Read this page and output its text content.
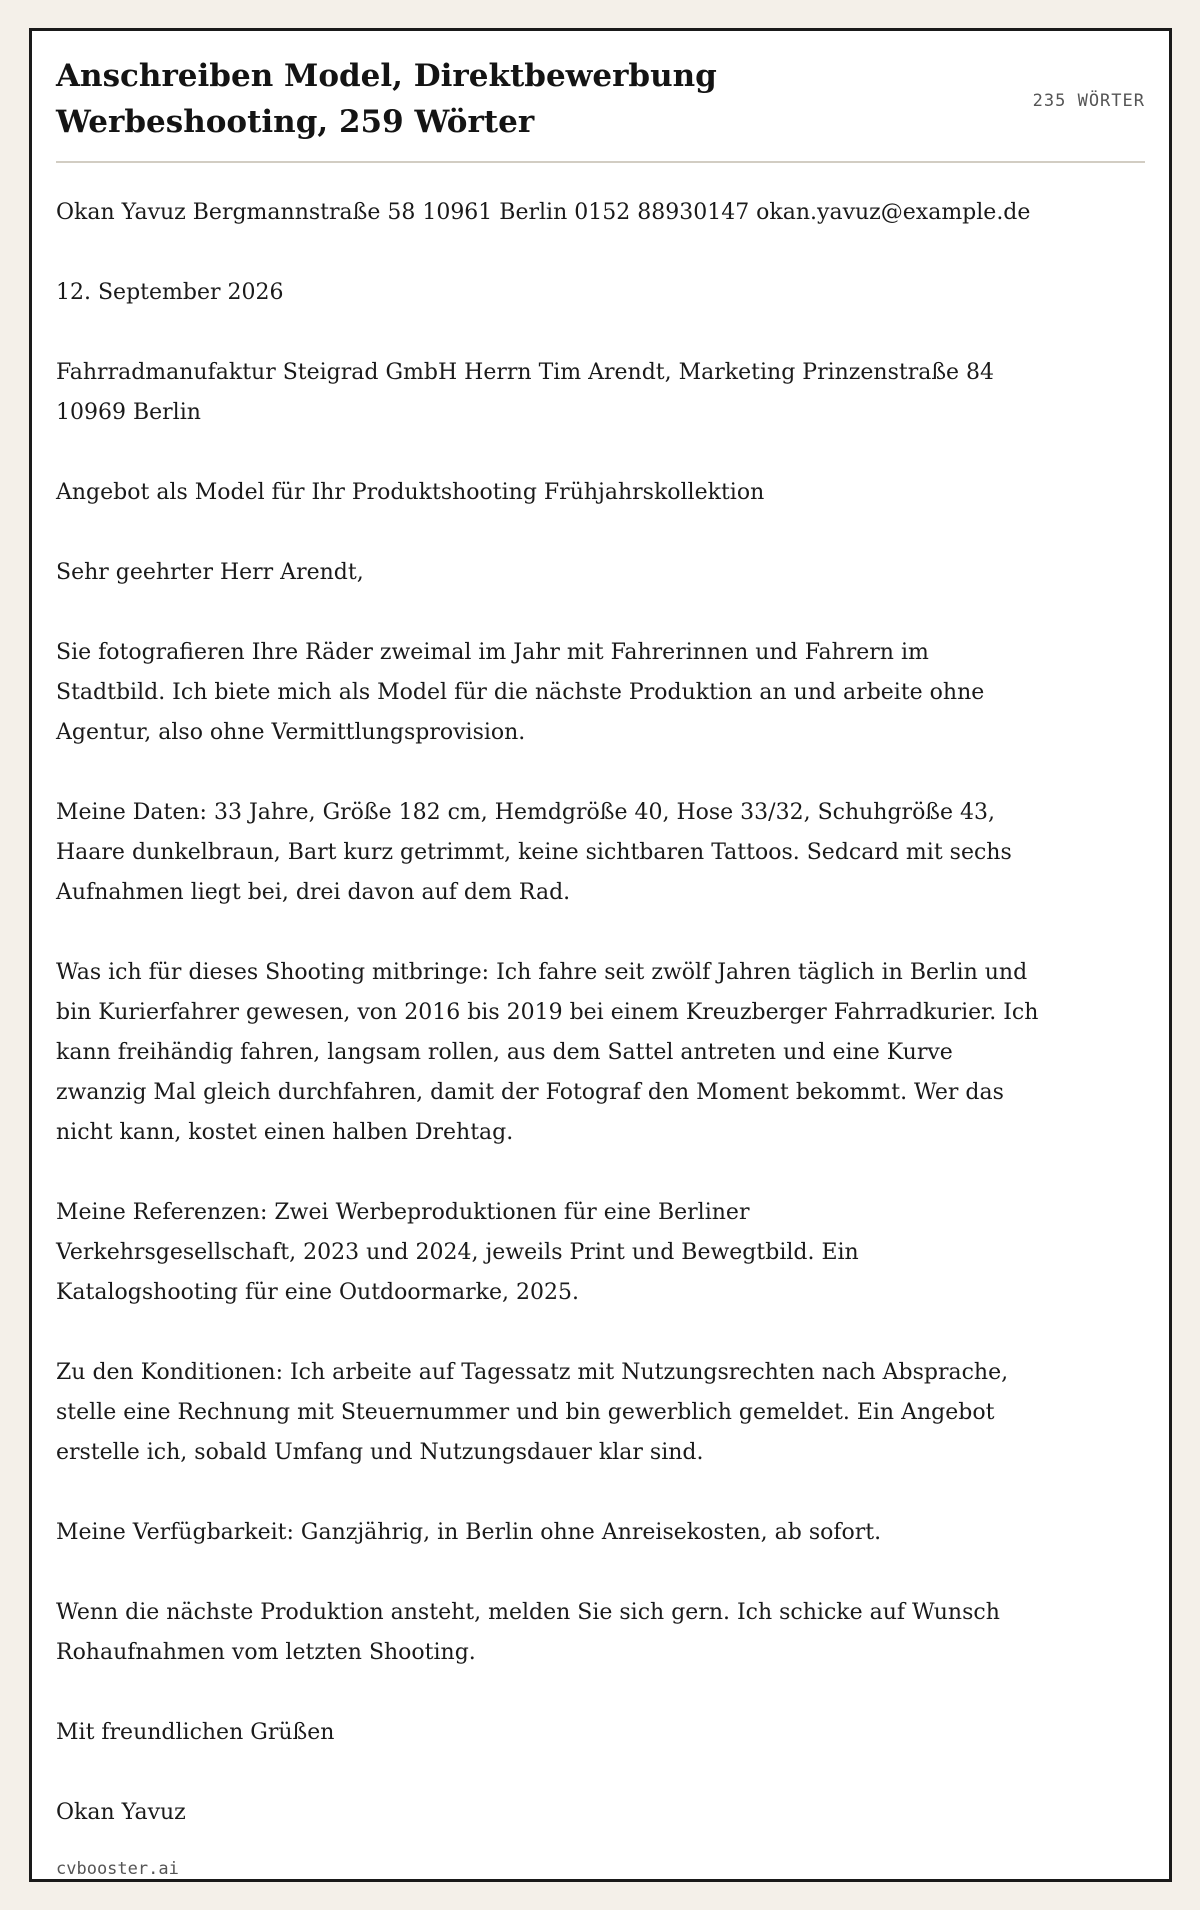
Anschreiben Model, Direktbewerbung Werbeshooting, 259 Wörter
235 WÖRTER

Okan Yavuz Bergmannstraße 58 10961 Berlin 0152 88930147 okan.yavuz@example.de

12. September 2026

Fahrradmanufaktur Steigrad GmbH Herrn Tim Arendt, Marketing Prinzenstraße 84 10969 Berlin

Angebot als Model für Ihr Produktshooting Frühjahrskollektion

Sehr geehrter Herr Arendt,

Sie fotografieren Ihre Räder zweimal im Jahr mit Fahrerinnen und Fahrern im Stadtbild. Ich biete mich als Model für die nächste Produktion an und arbeite ohne Agentur, also ohne Vermittlungsprovision.

Meine Daten: 33 Jahre, Größe 182 cm, Hemdgröße 40, Hose 33/32, Schuhgröße 43, Haare dunkelbraun, Bart kurz getrimmt, keine sichtbaren Tattoos. Sedcard mit sechs Aufnahmen liegt bei, drei davon auf dem Rad.

Was ich für dieses Shooting mitbringe: Ich fahre seit zwölf Jahren täglich in Berlin und bin Kurierfahrer gewesen, von 2016 bis 2019 bei einem Kreuzberger Fahrradkurier. Ich kann freihändig fahren, langsam rollen, aus dem Sattel antreten und eine Kurve zwanzig Mal gleich durchfahren, damit der Fotograf den Moment bekommt. Wer das nicht kann, kostet einen halben Drehtag.

Meine Referenzen: Zwei Werbeproduktionen für eine Berliner Verkehrsgesellschaft, 2023 und 2024, jeweils Print und Bewegtbild. Ein Katalogshooting für eine Outdoormarke, 2025.

Zu den Konditionen: Ich arbeite auf Tagessatz mit Nutzungsrechten nach Absprache, stelle eine Rechnung mit Steuernummer und bin gewerblich gemeldet. Ein Angebot erstelle ich, sobald Umfang und Nutzungsdauer klar sind.

Meine Verfügbarkeit: Ganzjährig, in Berlin ohne Anreisekosten, ab sofort.

Wenn die nächste Produktion ansteht, melden Sie sich gern. Ich schicke auf Wunsch Rohaufnahmen vom letzten Shooting.

Mit freundlichen Grüßen

Okan Yavuz

cvbooster.ai
